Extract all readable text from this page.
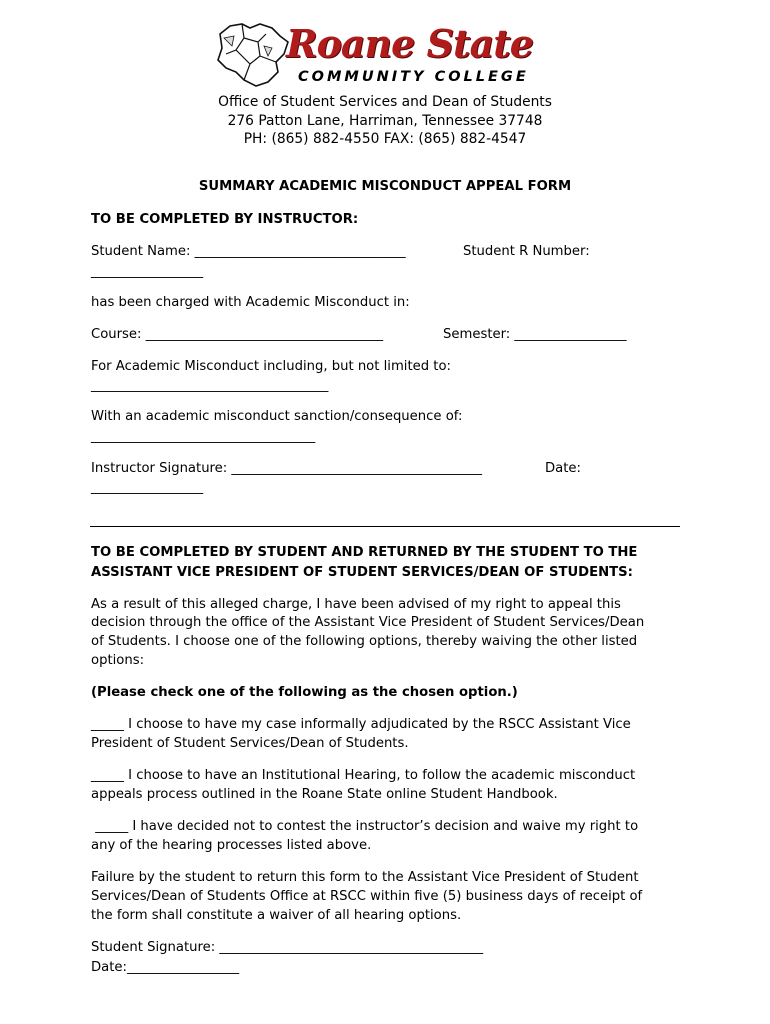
Roane State
COMMUNITY COLLEGE
Office of Student Services and Dean of Students
276 Patton Lane, Harriman, Tennessee 37748
PH: (865) 882-4550 FAX: (865) 882-4547
SUMMARY ACADEMIC MISCONDUCT APPEAL FORM
TO BE COMPLETED BY INSTRUCTOR:
Student Name: ________________________________	Student R Number:
_________________
has been charged with Academic Misconduct in:
Course: ____________________________________	Semester: _________________
For Academic Misconduct including, but not limited to:
____________________________________
With an academic misconduct sanction/consequence of:
__________________________________
Instructor Signature: ______________________________________	Date:
_________________
TO BE COMPLETED BY STUDENT AND RETURNED BY THE STUDENT TO THE
ASSISTANT VICE PRESIDENT OF STUDENT SERVICES/DEAN OF STUDENTS:
As a result of this alleged charge, I have been advised of my right to appeal this
decision through the office of the Assistant Vice President of Student Services/Dean
of Students. I choose one of the following options, thereby waiving the other listed
options:
(Please check one of the following as the chosen option.)
_____ I choose to have my case informally adjudicated by the RSCC Assistant Vice
President of Student Services/Dean of Students.
_____ I choose to have an Institutional Hearing, to follow the academic misconduct
appeals process outlined in the Roane State online Student Handbook.
_____ I have decided not to contest the instructor’s decision and waive my right to
any of the hearing processes listed above.
Failure by the student to return this form to the Assistant Vice President of Student
Services/Dean of Students Office at RSCC within five (5) business days of receipt of
the form shall constitute a waiver of all hearing options.
Student Signature: ________________________________________
Date:_________________
